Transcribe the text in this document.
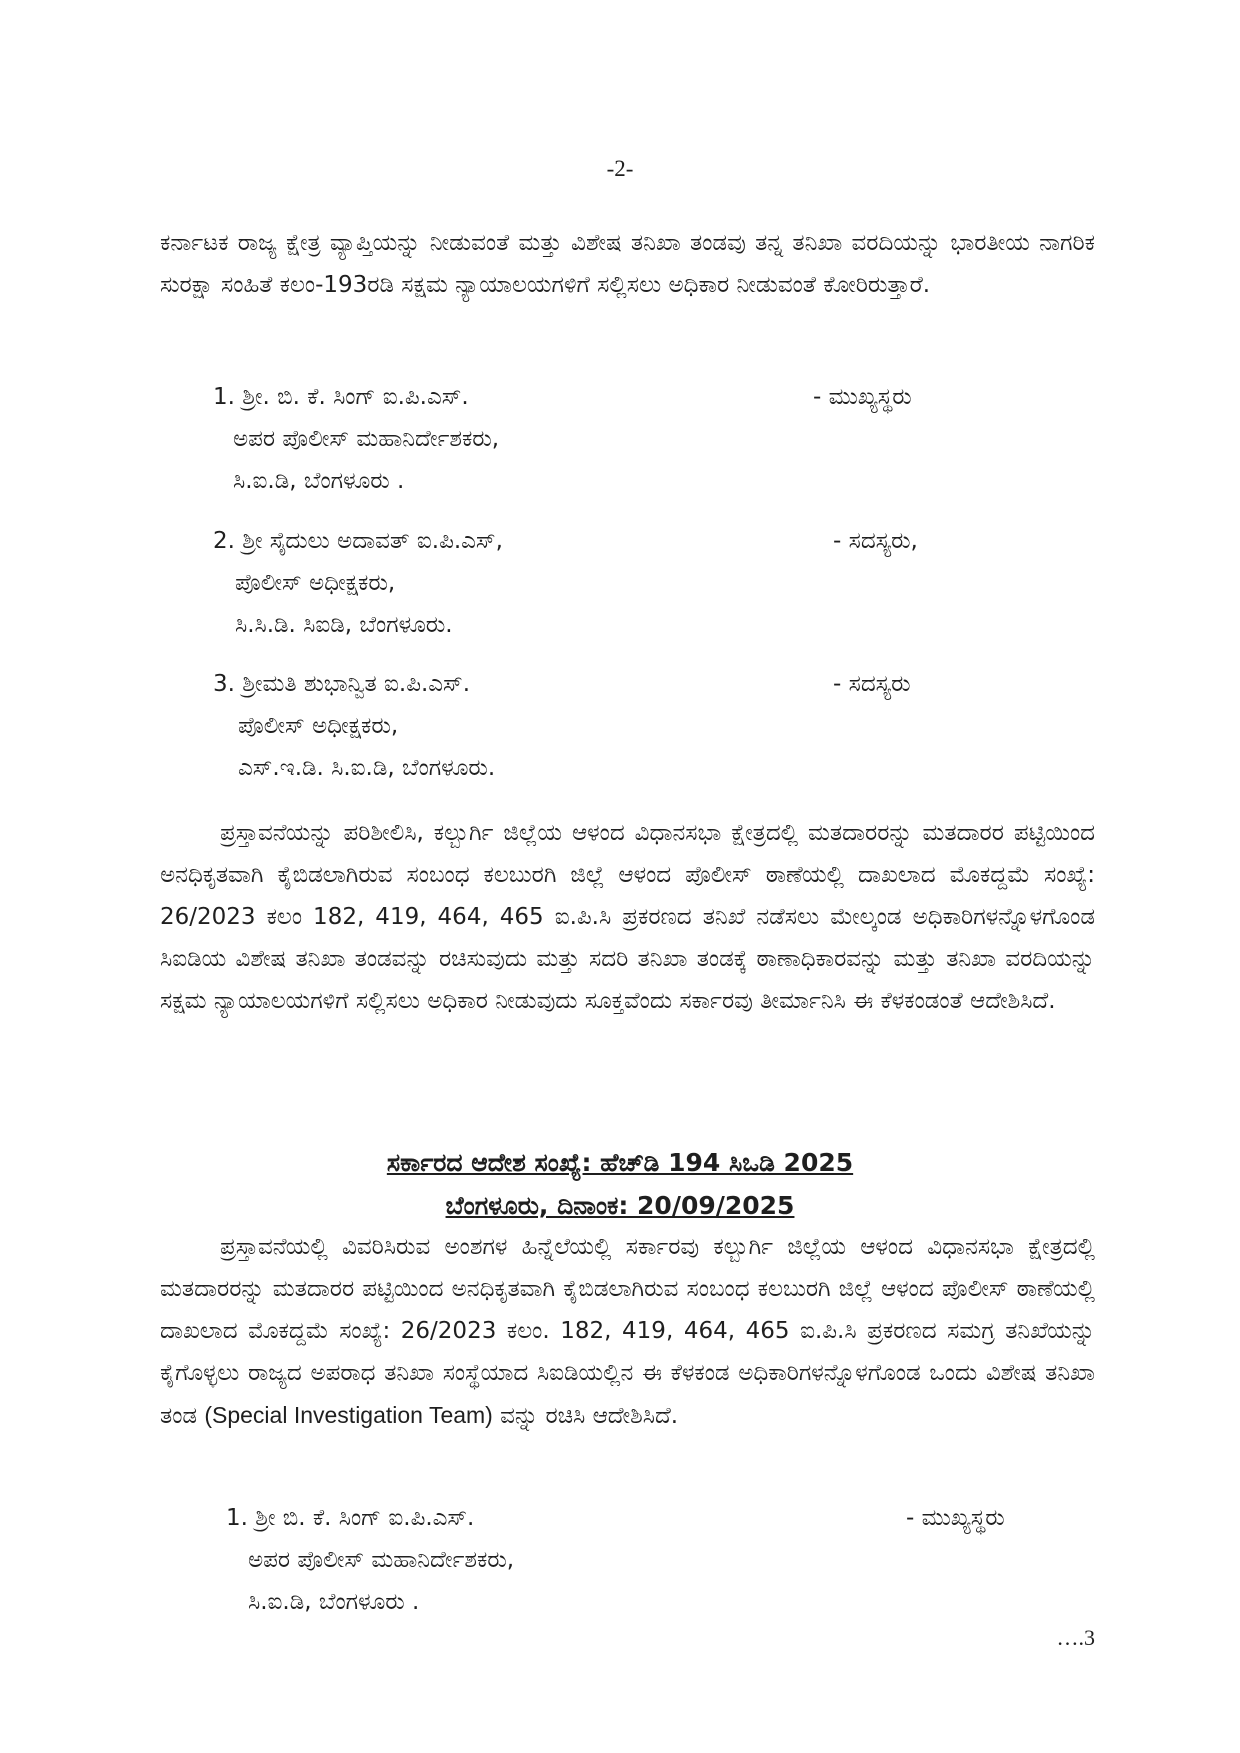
-2-

ಕರ್ನಾಟಕ ರಾಜ್ಯ ಕ್ಷೇತ್ರ ವ್ಯಾಪ್ತಿಯನ್ನು ನೀಡುವಂತೆ ಮತ್ತು ವಿಶೇಷ ತನಿಖಾ ತಂಡವು ತನ್ನ ತನಿಖಾ ವರದಿಯನ್ನು ಭಾರತೀಯ ನಾಗರಿಕ ಸುರಕ್ಷಾ ಸಂಹಿತೆ ಕಲಂ-193ರಡಿ ಸಕ್ಷಮ ನ್ಯಾಯಾಲಯಗಳಿಗೆ ಸಲ್ಲಿಸಲು ಅಧಿಕಾರ ನೀಡುವಂತೆ ಕೋರಿರುತ್ತಾರೆ.

1. ಶ್ರೀ. ಬಿ. ಕೆ. ಸಿಂಗ್ ಐ.ಪಿ.ಎಸ್.
ಅಪರ ಪೊಲೀಸ್ ಮಹಾನಿರ್ದೇಶಕರು,
ಸಿ.ಐ.ಡಿ, ಬೆಂಗಳೂರು .
- ಮುಖ್ಯಸ್ಥರು
2. ಶ್ರೀ ಸೈದುಲು ಅದಾವತ್ ಐ.ಪಿ.ಎಸ್,
ಪೊಲೀಸ್ ಅಧೀಕ್ಷಕರು,
ಸಿ.ಸಿ.ಡಿ. ಸಿಐಡಿ, ಬೆಂಗಳೂರು.
- ಸದಸ್ಯರು,
3. ಶ್ರೀಮತಿ ಶುಭಾನ್ವಿತ ಐ.ಪಿ.ಎಸ್.
ಪೊಲೀಸ್ ಅಧೀಕ್ಷಕರು,
ಎಸ್.ಇ.ಡಿ. ಸಿ.ಐ.ಡಿ, ಬೆಂಗಳೂರು.
- ಸದಸ್ಯರು

ಪ್ರಸ್ತಾವನೆಯನ್ನು ಪರಿಶೀಲಿಸಿ, ಕಲ್ಬುರ್ಗಿ ಜಿಲ್ಲೆಯ ಆಳಂದ ವಿಧಾನಸಭಾ ಕ್ಷೇತ್ರದಲ್ಲಿ ಮತದಾರರನ್ನು ಮತದಾರರ ಪಟ್ಟಿಯಿಂದ ಅನಧಿಕೃತವಾಗಿ ಕೈಬಿಡಲಾಗಿರುವ ಸಂಬಂಧ ಕಲಬುರಗಿ ಜಿಲ್ಲೆ ಆಳಂದ ಪೊಲೀಸ್ ಠಾಣೆಯಲ್ಲಿ ದಾಖಲಾದ ಮೊಕದ್ದಮೆ ಸಂಖ್ಯೆ: 26/2023 ಕಲಂ 182, 419, 464, 465 ಐ.ಪಿ.ಸಿ ಪ್ರಕರಣದ ತನಿಖೆ ನಡೆಸಲು ಮೇಲ್ಕಂಡ ಅಧಿಕಾರಿಗಳನ್ನೊಳಗೊಂಡ ಸಿಐಡಿಯ ವಿಶೇಷ ತನಿಖಾ ತಂಡವನ್ನು ರಚಿಸುವುದು ಮತ್ತು ಸದರಿ ತನಿಖಾ ತಂಡಕ್ಕೆ ಠಾಣಾಧಿಕಾರವನ್ನು ಮತ್ತು ತನಿಖಾ ವರದಿಯನ್ನು ಸಕ್ಷಮ ನ್ಯಾಯಾಲಯಗಳಿಗೆ ಸಲ್ಲಿಸಲು ಅಧಿಕಾರ ನೀಡುವುದು ಸೂಕ್ತವೆಂದು ಸರ್ಕಾರವು ತೀರ್ಮಾನಿಸಿ ಈ ಕೆಳಕಂಡಂತೆ ಆದೇಶಿಸಿದೆ.

ಸರ್ಕಾರದ ಆದೇಶ ಸಂಖ್ಯೆ: ಹೆಚ್‌ಡಿ 194 ಸಿಒಡಿ 2025
ಬೆಂಗಳೂರು, ದಿನಾಂಕ: 20/09/2025

ಪ್ರಸ್ತಾವನೆಯಲ್ಲಿ ವಿವರಿಸಿರುವ ಅಂಶಗಳ ಹಿನ್ನೆಲೆಯಲ್ಲಿ ಸರ್ಕಾರವು ಕಲ್ಬುರ್ಗಿ ಜಿಲ್ಲೆಯ ಆಳಂದ ವಿಧಾನಸಭಾ ಕ್ಷೇತ್ರದಲ್ಲಿ ಮತದಾರರನ್ನು ಮತದಾರರ ಪಟ್ಟಿಯಿಂದ ಅನಧಿಕೃತವಾಗಿ ಕೈಬಿಡಲಾಗಿರುವ ಸಂಬಂಧ ಕಲಬುರಗಿ ಜಿಲ್ಲೆ ಆಳಂದ ಪೊಲೀಸ್ ಠಾಣೆಯಲ್ಲಿ ದಾಖಲಾದ ಮೊಕದ್ದಮೆ ಸಂಖ್ಯೆ: 26/2023 ಕಲಂ. 182, 419, 464, 465 ಐ.ಪಿ.ಸಿ ಪ್ರಕರಣದ ಸಮಗ್ರ ತನಿಖೆಯನ್ನು ಕೈಗೊಳ್ಳಲು ರಾಜ್ಯದ ಅಪರಾಧ ತನಿಖಾ ಸಂಸ್ಥೆಯಾದ ಸಿಐಡಿಯಲ್ಲಿನ ಈ ಕೆಳಕಂಡ ಅಧಿಕಾರಿಗಳನ್ನೊಳಗೊಂಡ ಒಂದು ವಿಶೇಷ ತನಿಖಾ ತಂಡ (Special Investigation Team) ವನ್ನು ರಚಿಸಿ ಆದೇಶಿಸಿದೆ.

1. ಶ್ರೀ ಬಿ. ಕೆ. ಸಿಂಗ್ ಐ.ಪಿ.ಎಸ್.
ಅಪರ ಪೊಲೀಸ್ ಮಹಾನಿರ್ದೇಶಕರು,
ಸಿ.ಐ.ಡಿ, ಬೆಂಗಳೂರು .
- ಮುಖ್ಯಸ್ಥರು
….3
